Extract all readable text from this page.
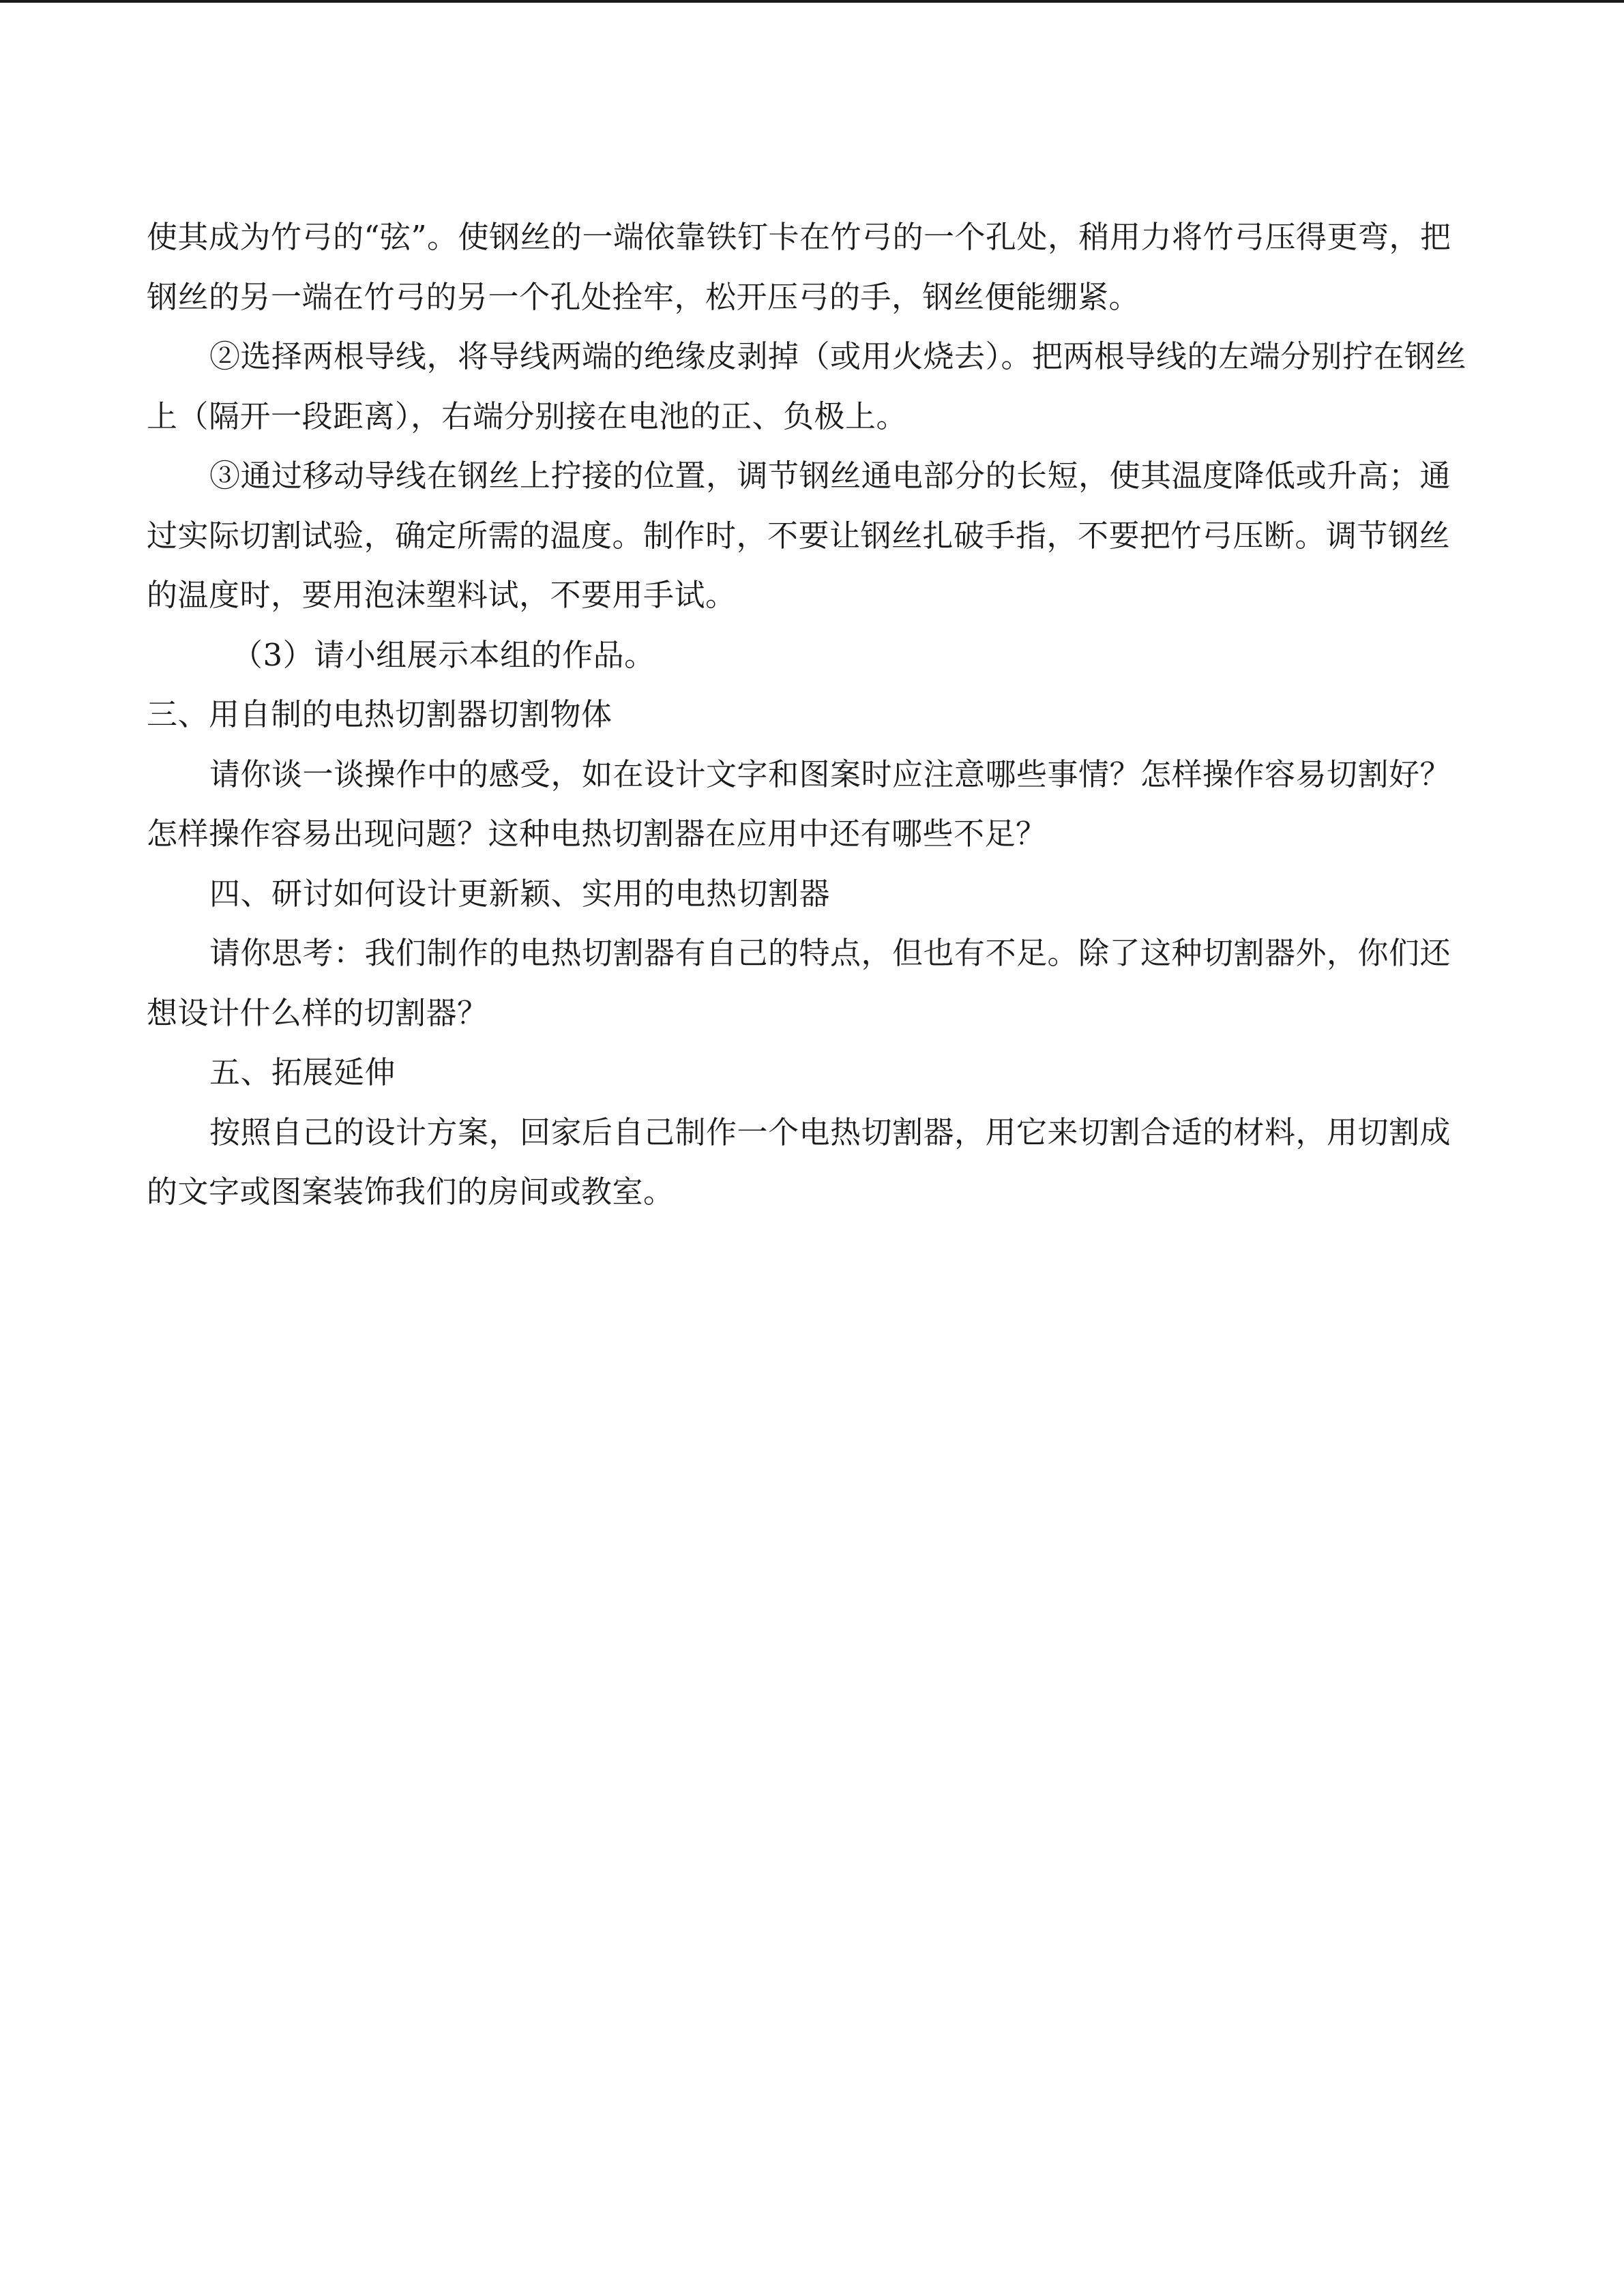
使其成为竹弓的“弦”。使钢丝的一端依靠铁钉卡在竹弓的一个孔处，稍用力将竹弓压得更弯，把钢丝的另一端在竹弓的另一个孔处拴牢，松开压弓的手，钢丝便能绷紧。

②选择两根导线，将导线两端的绝缘皮剥掉（或用火烧去）。把两根导线的左端分别拧在钢丝上（隔开一段距离），右端分别接在电池的正、负极上。

③通过移动导线在钢丝上拧接的位置，调节钢丝通电部分的长短，使其温度降低或升高；通过实际切割试验，确定所需的温度。制作时，不要让钢丝扎破手指，不要把竹弓压断。调节钢丝的温度时，要用泡沫塑料试，不要用手试。

（3）请小组展示本组的作品。

三、用自制的电热切割器切割物体

请你谈一谈操作中的感受，如在设计文字和图案时应注意哪些事情？怎样操作容易切割好？怎样操作容易出现问题？这种电热切割器在应用中还有哪些不足？

四、研讨如何设计更新颖、实用的电热切割器

请你思考：我们制作的电热切割器有自己的特点，但也有不足。除了这种切割器外，你们还想设计什么样的切割器？

五、拓展延伸

按照自己的设计方案，回家后自己制作一个电热切割器，用它来切割合适的材料，用切割成的文字或图案装饰我们的房间或教室。
